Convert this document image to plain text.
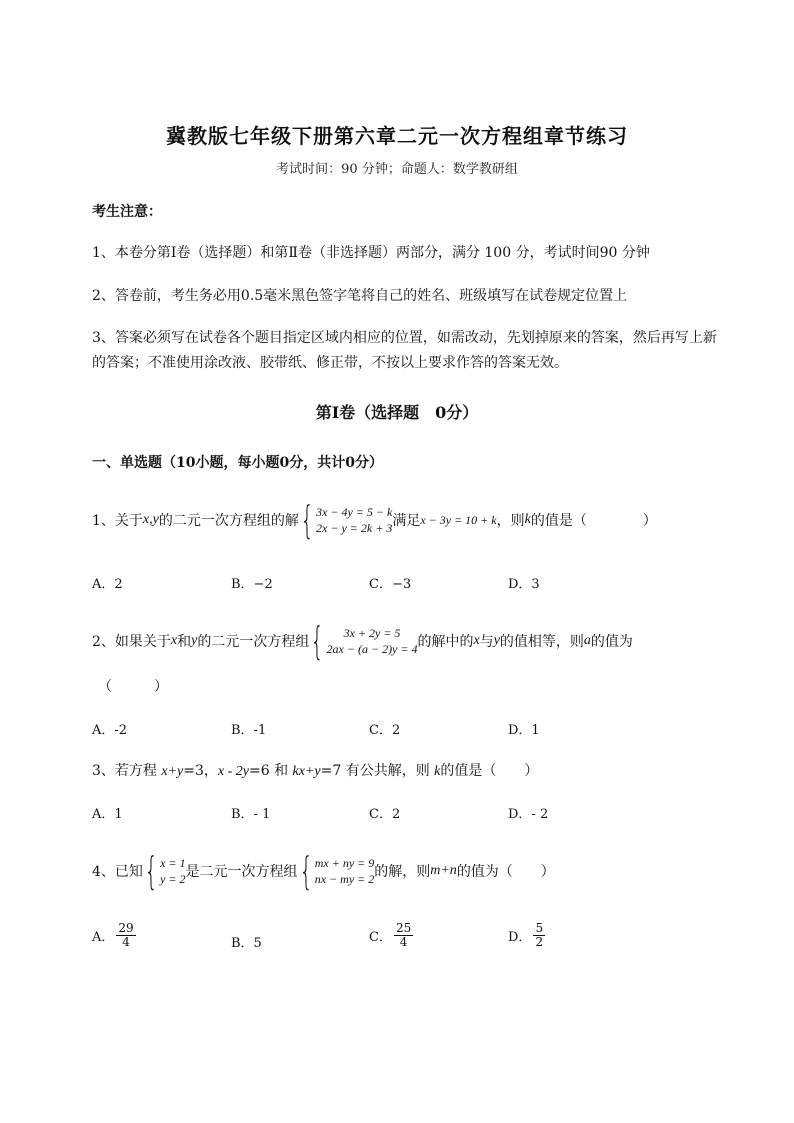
冀教版七年级下册第六章二元一次方程组章节练习
考试时间：90 分钟；命题人：数学教研组
考生注意：
1、本卷分第Ⅰ卷（选择题）和第Ⅱ卷（非选择题）两部分，满分 100 分，考试时间90 分钟
2、答卷前，考生务必用0.5毫米黑色签字笔将自己的姓名、班级填写在试卷规定位置上
3、答案必须写在试卷各个题目指定区域内相应的位置，如需改动，先划掉原来的答案，然后再写上新
的答案；不准使用涂改液、胶带纸、修正带，不按以上要求作答的答案无效。
第Ⅰ卷（选择题　0分）
一、单选题（10小题，每小题0分，共计0分）
1、关于 x,y 的二元一次方程组的解 { 3x − 4y = 5 − k
2x − y = 2k + 3 满足 x − 3y = 10 + k ，则 k 的值是（　　　　）
A．2	B．−2	C．−3	D．3
2、如果关于 x 和 y 的二元一次方程组 { 3x + 2y = 5
2ax − (a − 2)y = 4 的解中的 x 与 y 的值相等，则 a 的值为
（　　　）
A．-2	B．-1	C．2	D．1
3、若方程 x+y=3，x - 2y=6 和 kx+y=7 有公共解，则 k的值是（　　）
A．1	B．- 1	C．2	D．- 2
4、已知 { x = 1
y = 2 是二元一次方程组 { mx + ny = 9
nx − my = 2 的解，则 m+n 的值为（　　）
A． $\frac{29}{4}$	B．5	C． $\frac{25}{4}$	D． $\frac{5}{2}$
